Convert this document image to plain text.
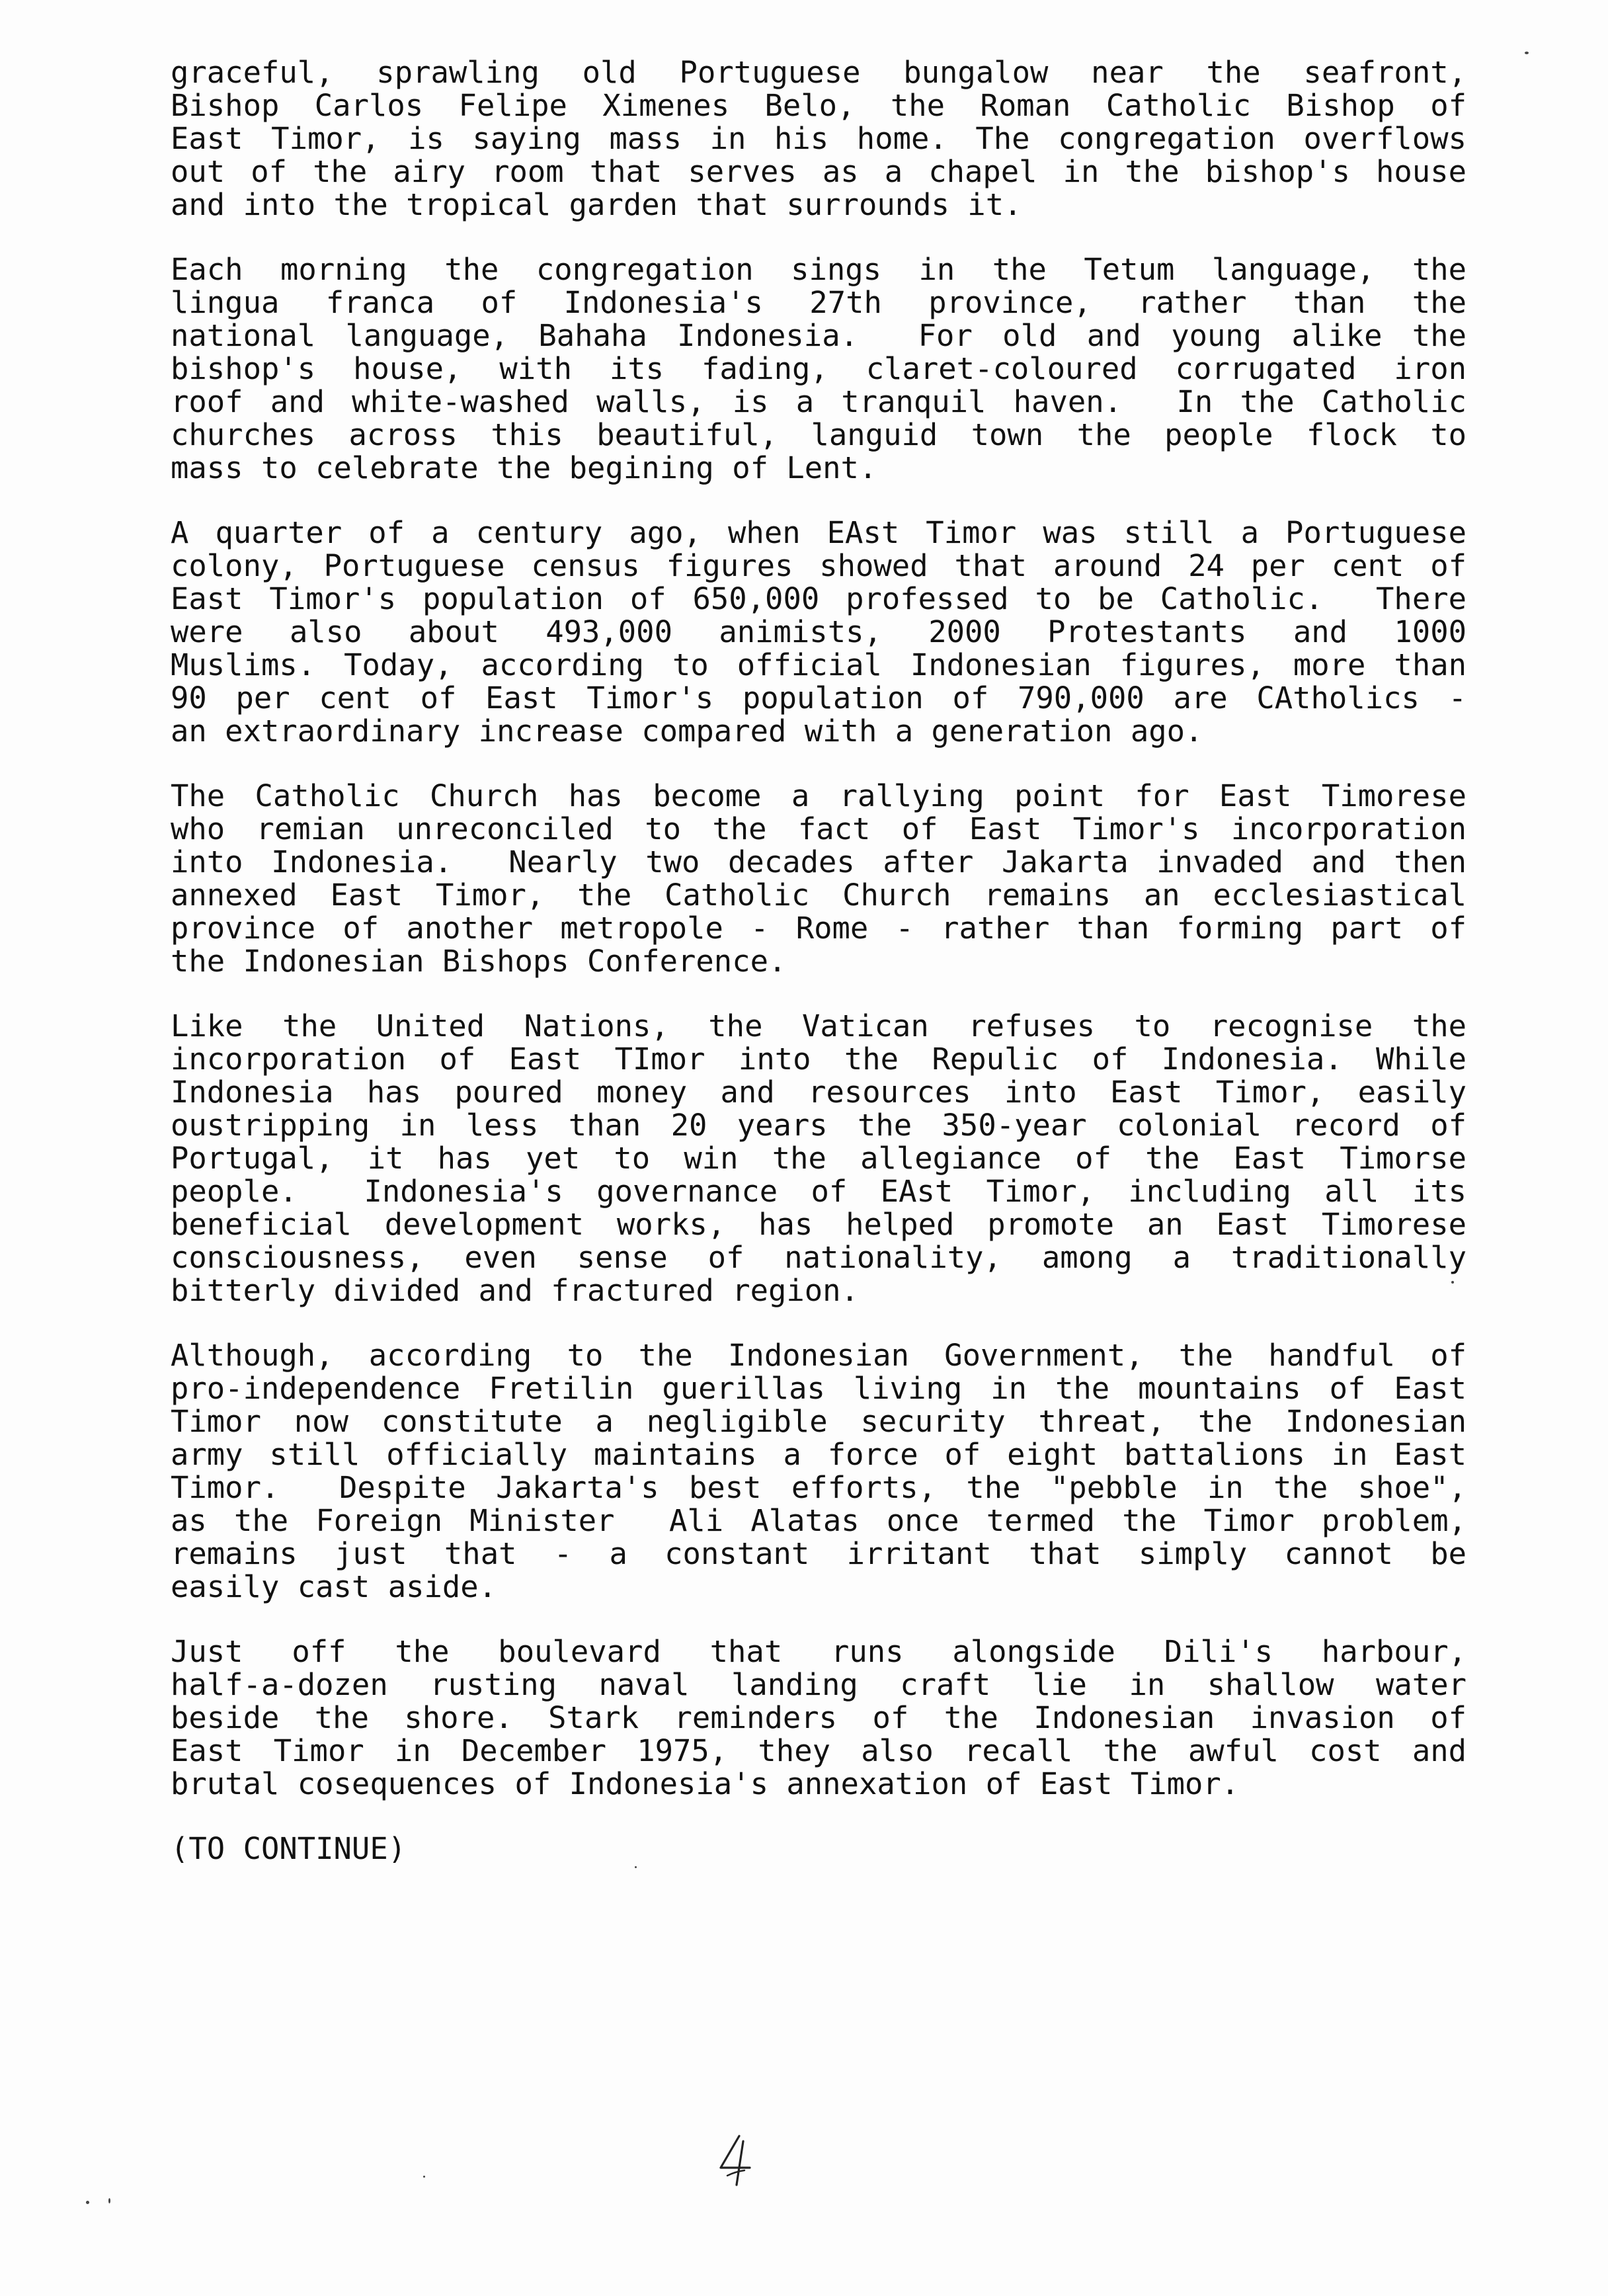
graceful, sprawling old Portuguese bungalow near the seafront,
Bishop Carlos Felipe Ximenes Belo, the Roman Catholic Bishop of
East Timor, is saying mass in his home. The congregation overflows
out of the airy room that serves as a chapel in the bishop's house
and into the tropical garden that surrounds it.
Each morning the congregation sings in the Tetum language, the
lingua franca of Indonesia's 27th province, rather than the
national language, Bahaha Indonesia.  For old and young alike the
bishop's house, with its fading, claret-coloured corrugated iron
roof and white-washed walls, is a tranquil haven.  In the Catholic
churches across this beautiful, languid town the people flock to
mass to celebrate the begining of Lent.
A quarter of a century ago, when EAst Timor was still a Portuguese
colony, Portuguese census figures showed that around 24 per cent of
East Timor's population of 650,000 professed to be Catholic.  There
were also about 493,000 animists, 2000 Protestants and 1000
Muslims. Today, according to official Indonesian figures, more than
90 per cent of East Timor's population of 790,000 are CAtholics -
an extraordinary increase compared with a generation ago.
The Catholic Church has become a rallying point for East Timorese
who remian unreconciled to the fact of East Timor's incorporation
into Indonesia.  Nearly two decades after Jakarta invaded and then
annexed East Timor, the Catholic Church remains an ecclesiastical
province of another metropole - Rome - rather than forming part of
the Indonesian Bishops Conference.
Like the United Nations, the Vatican refuses to recognise the
incorporation of East TImor into the Repulic of Indonesia. While
Indonesia has poured money and resources into East Timor, easily
oustripping in less than 20 years the 350-year colonial record of
Portugal, it has yet to win the allegiance of the East Timorse
people.  Indonesia's governance of EAst Timor, including all its
beneficial development works, has helped promote an East Timorese
consciousness, even sense of nationality, among a traditionally
bitterly divided and fractured region.
Although, according to the Indonesian Government, the handful of
pro-independence Fretilin guerillas living in the mountains of East
Timor now constitute a negligible security threat, the Indonesian
army still officially maintains a force of eight battalions in East
Timor.  Despite Jakarta's best efforts, the "pebble in the shoe",
as the Foreign Minister  Ali Alatas once termed the Timor problem,
remains just that - a constant irritant that simply cannot be
easily cast aside.
Just off the boulevard that runs alongside Dili's harbour,
half-a-dozen rusting naval landing craft lie in shallow water
beside the shore. Stark reminders of the Indonesian invasion of
East Timor in December 1975, they also recall the awful cost and
brutal cosequences of Indonesia's annexation of East Timor.
(TO CONTINUE)
